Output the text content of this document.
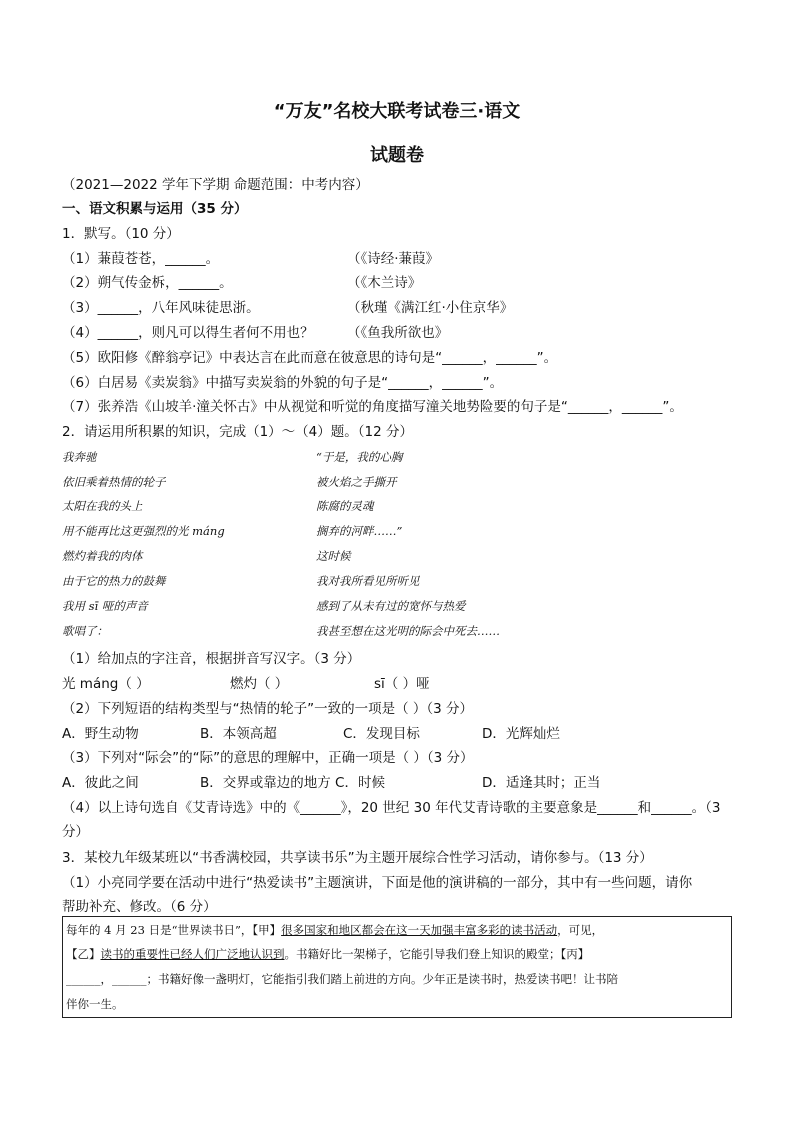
“万友”名校大联考试卷三·语文
试题卷
（2021—2022 学年下学期 命题范围：中考内容）
一、语文积累与运用（35 分）
1．默写。（10 分）
（1）蒹葭苍苍，______。	（《诗经·蒹葭》
（2）朔气传金柝，______。	（《木兰诗》
（3）______，八年风味徒思浙。	（秋瑾《满江红·小住京华》
（4）______，则凡可以得生者何不用也？ （《鱼我所欲也》
（5）欧阳修《醉翁亭记》中表达言在此而意在彼意思的诗句是“______，______”。
（6）白居易《卖炭翁》中描写卖炭翁的外貌的句子是“______，______”。
（7）张养浩《山坡羊·潼关怀古》中从视觉和听觉的角度描写潼关地势险要的句子是“______，______”。
2．请运用所积累的知识，完成（1）～（4）题。（12 分）
我奔驰
依旧乘着热情的轮子
太阳在我的头上
用不能再比这更强烈的光 máng
燃灼着我的肉体
由于它的热力的鼓舞
我用 sī 哑的声音
歌唱了：
“于是，我的心胸
被火焰之手撕开
陈腐的灵魂
搁弃的河畔……”
这时候
我对我所看见所听见
感到了从未有过的宽怀与热爱
我甚至想在这光明的际会中死去……
（1）给加点的字注音，根据拼音写汉字。（3 分）
光 máng（ ）	燃灼（ ）	sī（ ）哑
（2）下列短语的结构类型与“热情的轮子”一致的一项是（ ）（3 分）
A．野生动物	B．本领高超	C．发现目标	D．光辉灿烂
（3）下列对“际会”的“际”的意思的理解中，正确一项是（ ）（3 分）
A．彼此之间	B．交界或靠边的地方 C．时候	D．适逢其时；正当
（4）以上诗句选自《艾青诗选》中的《______》，20 世纪 30 年代艾青诗歌的主要意象是______和______。（3
分）
3．某校九年级某班以“书香满校园，共享读书乐”为主题开展综合性学习活动，请你参与。（13 分）
（1）小亮同学要在活动中进行“热爱读书”主题演讲，下面是他的演讲稿的一部分，其中有一些问题，请你
帮助补充、修改。（6 分）
每年的 4 月 23 日是“世界读书日”，【甲】很多国家和地区都会在这一天加强丰富多彩的读书活动，可见，
【乙】读书的重要性已经人们广泛地认识到。书籍好比一架梯子，它能引导我们登上知识的殿堂；【丙】
______，______；书籍好像一盏明灯，它能指引我们踏上前进的方向。少年正是读书时，热爱读书吧！让书陪
伴你一生。
